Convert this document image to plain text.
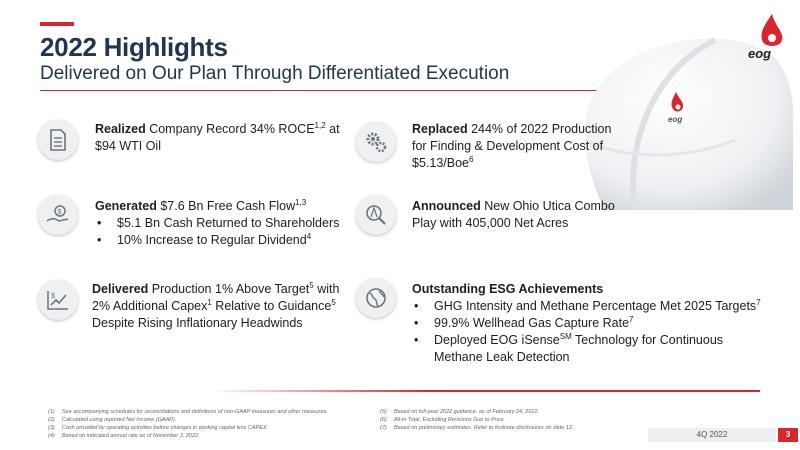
2022 Highlights
Delivered on Our Plan Through Differentiated Execution
eog
eog
Realized Company Record 34% ROCE$^{1,2}$ at $94 WTI Oil
Replaced 244% of 2022 Production for Finding & Development Cost of $5.13/Boe$^6$
$	Generated $7.6 Bn Free Cash Flow$^{1,3}$
• $5.1 Bn Cash Returned to Shareholders
• 10% Increase to Regular Dividend$^4$
Announced New Ohio Utica Combo Play with 405,000 Net Acres
$
Delivered Production 1% Above Target$^5$ with 2% Additional Capex$^1$ Relative to Guidance$^5$ Despite Rising Inflationary Headwinds
Outstanding ESG Achievements
• GHG Intensity and Methane Percentage Met 2025 Targets$^7$
• 99.9% Wellhead Gas Capture Rate$^7$
• Deployed EOG iSense℠ Technology for Continuous Methane Leak Detection
(1) See accompanying schedules for reconciliations and definitions of non-GAAP measures and other measures.
(2) Calculated using reported Net Income (GAAP).
(3) Cash provided by operating activities before changes in working capital less CAPEX.
(4) Based on indicated annual rate as of November 3, 2022.
(5) Based on full-year 2022 guidance, as of February 24, 2022.
(6) All-in Total, Excluding Revisions Due to Price.
(7) Based on preliminary estimates. Refer to footnote disclosures on slide 12.
4Q 2022	3
